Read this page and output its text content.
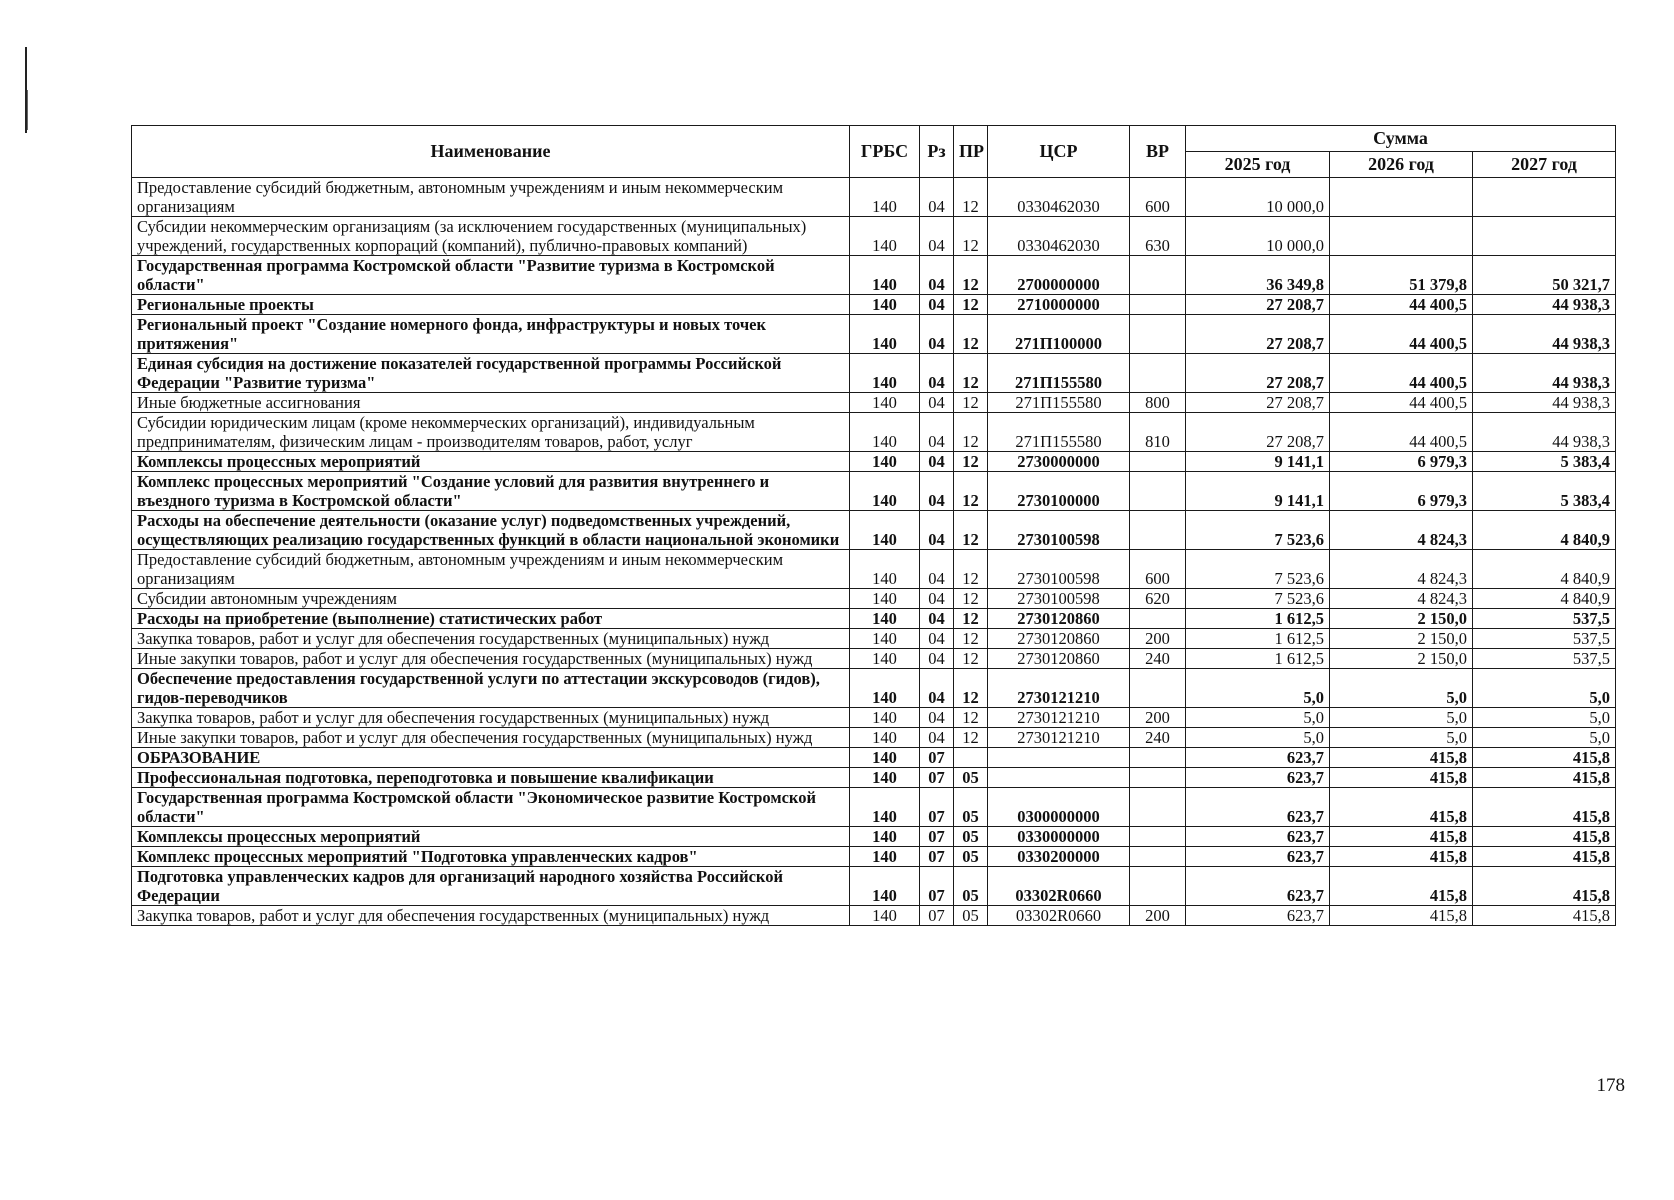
Наименование	ГРБС	Рз	ПР	ЦСР	ВР	Сумма		
						2025 год	2026 год	2027 год
Предоставление субсидий бюджетным, автономным учреждениям и иным некоммерческим организациям	140	04	12	0330462030	600	10 000,0		
Субсидии некоммерческим организациям (за исключением государственных (муниципальных) учреждений, государственных корпораций (компаний), публично-правовых компаний)	140	04	12	0330462030	630	10 000,0		
Государственная программа Костромской области "Развитие туризма в Костромской области"	140	04	12	2700000000		36 349,8	51 379,8	50 321,7
Региональные проекты	140	04	12	2710000000		27 208,7	44 400,5	44 938,3
Региональный проект "Создание номерного фонда, инфраструктуры и новых точек притяжения"	140	04	12	271П100000		27 208,7	44 400,5	44 938,3
Единая субсидия на достижение показателей государственной программы Российской Федерации "Развитие туризма"	140	04	12	271П155580		27 208,7	44 400,5	44 938,3
Иные бюджетные ассигнования	140	04	12	271П155580	800	27 208,7	44 400,5	44 938,3
Субсидии юридическим лицам (кроме некоммерческих организаций), индивидуальным предпринимателям, физическим лицам - производителям товаров, работ, услуг	140	04	12	271П155580	810	27 208,7	44 400,5	44 938,3
Комплексы процессных мероприятий	140	04	12	2730000000		9 141,1	6 979,3	5 383,4
Комплекс процессных мероприятий "Создание условий для развития внутреннего и въездного туризма в Костромской области"	140	04	12	2730100000		9 141,1	6 979,3	5 383,4
Расходы на обеспечение деятельности (оказание услуг) подведомственных учреждений, осуществляющих реализацию государственных функций в области национальной экономики	140	04	12	2730100598		7 523,6	4 824,3	4 840,9
Предоставление субсидий бюджетным, автономным учреждениям и иным некоммерческим организациям	140	04	12	2730100598	600	7 523,6	4 824,3	4 840,9
Субсидии автономным учреждениям	140	04	12	2730100598	620	7 523,6	4 824,3	4 840,9
Расходы на приобретение (выполнение) статистических работ	140	04	12	2730120860		1 612,5	2 150,0	537,5
Закупка товаров, работ и услуг для обеспечения государственных (муниципальных) нужд	140	04	12	2730120860	200	1 612,5	2 150,0	537,5
Иные закупки товаров, работ и услуг для обеспечения государственных (муниципальных) нужд	140	04	12	2730120860	240	1 612,5	2 150,0	537,5
Обеспечение предоставления государственной услуги по аттестации экскурсоводов (гидов), гидов-переводчиков	140	04	12	2730121210		5,0	5,0	5,0
Закупка товаров, работ и услуг для обеспечения государственных (муниципальных) нужд	140	04	12	2730121210	200	5,0	5,0	5,0
Иные закупки товаров, работ и услуг для обеспечения государственных (муниципальных) нужд	140	04	12	2730121210	240	5,0	5,0	5,0
ОБРАЗОВАНИЕ	140	07				623,7	415,8	415,8
Профессиональная подготовка, переподготовка и повышение квалификации	140	07	05			623,7	415,8	415,8
Государственная программа Костромской области "Экономическое развитие Костромской области"	140	07	05	0300000000		623,7	415,8	415,8
Комплексы процессных мероприятий	140	07	05	0330000000		623,7	415,8	415,8
Комплекс процессных мероприятий "Подготовка управленческих кадров"	140	07	05	0330200000		623,7	415,8	415,8
Подготовка управленческих кадров для организаций народного хозяйства Российской Федерации	140	07	05	03302R0660		623,7	415,8	415,8
Закупка товаров, работ и услуг для обеспечения государственных (муниципальных) нужд	140	07	05	03302R0660	200	623,7	415,8	415,8
178
